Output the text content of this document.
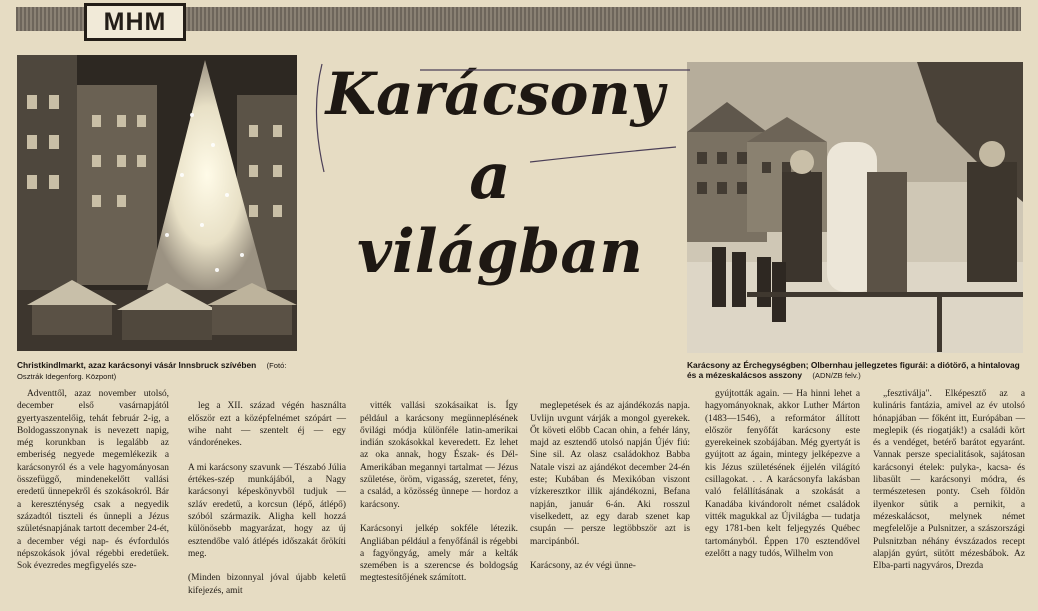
MHM
Karácsony
a
világban
Christkindlmarkt, azaz karácsonyi vásár Innsbruck szívében (Fotó: Osztrák Idegenforg. Központ)
Karácsony az Érchegységben; Olbernhau jellegzetes figurái: a diótörő, a hintalovag és a mézeskalácsos asszony (ADN/ZB felv.)

Adventtől, azaz november utolsó, december első vasárnapjától gyertyaszentelőig, tehát február 2-ig, a Boldogasszonynak is nevezett napig, még korunkban is legalább az emberiség negyede megemlékezik a karácsonyról és a vele hagyományosan összefüggő, mindenekelőtt vallási eredetű ünnepekről és szokásokról. Bár a kereszténység csak a negyedik századtól tiszteli és ünnepli a Jézus születésnapjának tartott december 24-ét, a december végi nap- és évfordulós népszokások jóval régebbi eredetűek. Sok évezredes megfigyelés sze-

leg a XII. század végén használta először ezt a középfelnémet szópárt — wihe naht — szentelt éj — egy vándorénekes.

A mi karácsony szavunk — Tészabó Júlia értékes-szép munkájából, a Nagy karácsonyi képeskönyvből tudjuk — szláv eredetű, a korcsun (lépő, átlépő) szóból származik. Aligha kell hozzá különösebb magyarázat, hogy az új esztendőbe való átlépés időszakát őrökíti meg.

(Minden bizonnyal jóval újabb keletű kifejezés, amit

vitték vallási szokásaikat is. Így például a karácsony megünneplésének ővilági módja különféle latin-amerikai indián szokásokkal keveredett. Ez lehet az oka annak, hogy Észak- és Dél-Amerikában megannyi tartalmat — Jézus születése, öröm, vigasság, szeretet, fény, a család, a közösség ünnepe — hordoz a karácsony.

Karácsonyi jelkép sokféle létezik. Angliában például a fenyőfánál is régebbi a fagyöngyág, amely már a kelták szemében is a szerencse és boldogság megtestesítőjének számított.

meglepetések és az ajándékozás napja. Uvlijn uvgunt várják a mongol gyerekek. Őt követi előbb Cacan ohin, a fehér lány, majd az esztendő utolsó napján Újév fiú: Sine sil. Az olasz családokhoz Babba Natale viszi az ajándékot december 24-én este; Kubában és Mexikóban viszont vízkeresztkor illik ajándékozni, Befana napján, január 6-án. Aki rosszul viselkedett, az egy darab szenet kap csupán — persze legtöbbször azt is marcipánból.

Karácsony, az év végi ünne-

gyújtották again. — Ha hinni lehet a hagyományoknak, akkor Luther Márton (1483—1546), a reformátor állított először fenyőfát karácsony este gyerekeinek szobájában. Még gyertyát is gyújtott az ágain, mintegy jelképezve a kis Jézus születésének éjjelén világító csillagokat. . . A karácsonyfa lakásban való felállításának a szokását a Kanadába kivándorolt német családok vitték magukkal az Újvilágba — tudatja egy 1781-ben kelt feljegyzés Québec tartományból. Éppen 170 esztendővel ezelőtt a nagy tudós, Wilhelm von

„fesztiválja". Elképesztő az a kulináris fantázia, amivel az év utolsó hónapjában — főként itt, Európában — meglepik (és riogatják!) a családi kört és a vendéget, betérő barátot egyaránt. Vannak persze specialitások, sajátosan karácsonyi ételek: pulyka-, kacsa- és libasült — karácsonyi módra, és természetesen ponty. Cseh földön ilyenkor sütik a pernikit, a mézeskalácsot, melynek német megfelelője a Pulsnitzer, a szászországi Pulsnitzban néhány évszázados recept alapján gyúrt, sütött mézesbábok. Az Elba-parti nagyváros, Drezda
